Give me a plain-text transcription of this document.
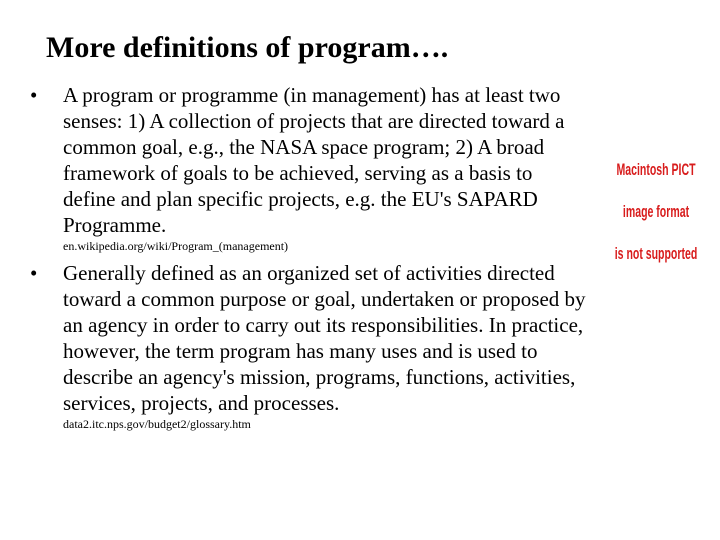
More definitions of program….
•	A program or programme (in management) has at least two senses: 1) A collection of projects that are directed toward a common goal, e.g., the NASA space program; 2) A broad framework of goals to be achieved, serving as a basis to define and plan specific projects, e.g. the EU's SAPARD Programme.
en.wikipedia.org/wiki/Program_(management)
•	Generally defined as an organized set of activities directed toward a common purpose or goal, undertaken or proposed by an agency in order to carry out its responsibilities. In practice, however, the term program has many uses and is used to describe an agency's mission, programs, functions, activities, services, projects, and processes.
data2.itc.nps.gov/budget2/glossary.htm
Macintosh PICT
image format
is not supported
